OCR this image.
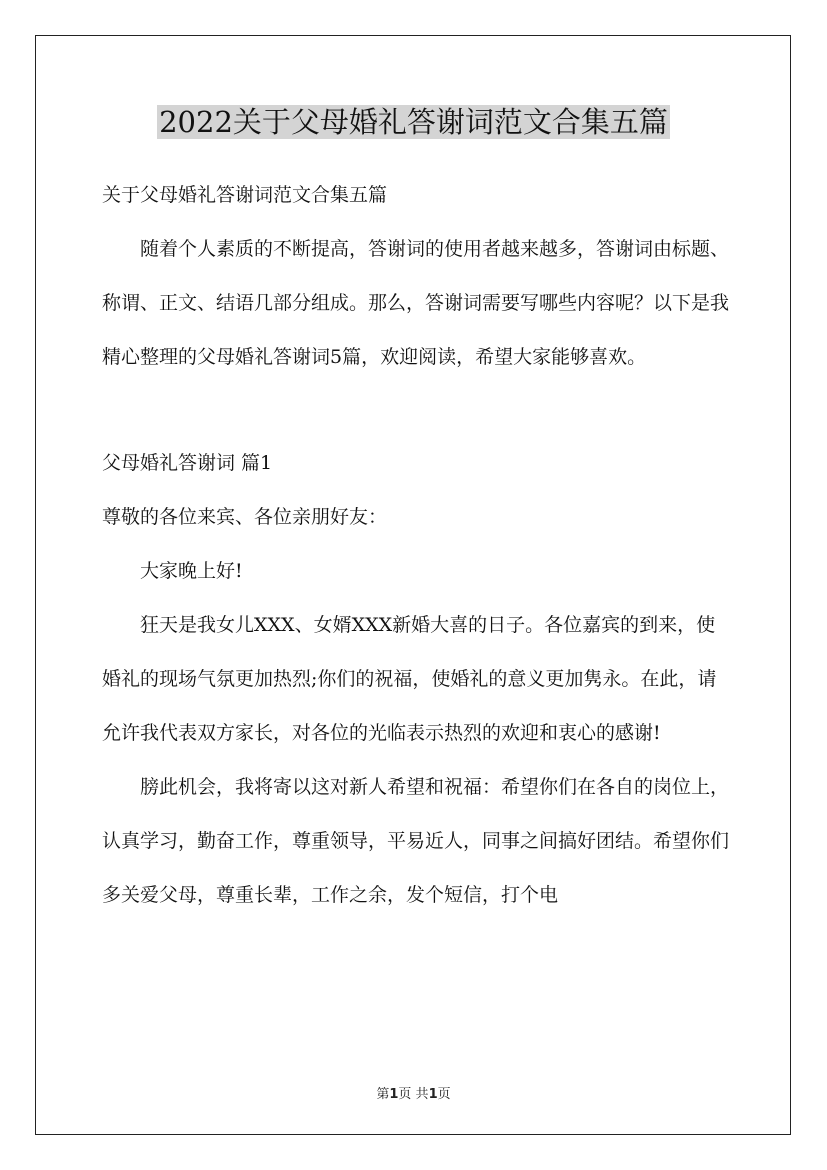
2022关于父母婚礼答谢词范文合集五篇

关于父母婚礼答谢词范文合集五篇

随着个人素质的不断提高，答谢词的使用者越来越多，答谢词由标题、称谓、正文、结语几部分组成。那么，答谢词需要写哪些内容呢？以下是我精心整理的父母婚礼答谢词5篇，欢迎阅读，希望大家能够喜欢。

父母婚礼答谢词 篇1

尊敬的各位来宾、各位亲朋好友：

大家晚上好!

狂天是我女儿XXX、女婿XXX新婚大喜的日子。各位嘉宾的到来，使婚礼的现场气氛更加热烈;你们的祝福，使婚礼的意义更加隽永。在此，请允许我代表双方家长，对各位的光临表示热烈的欢迎和衷心的感谢!

膀此机会，我将寄以这对新人希望和祝福：希望你们在各自的岗位上，认真学习，勤奋工作，尊重领导，平易近人，同事之间搞好团结。希望你们多关爱父母，尊重长辈，工作之余，发个短信，打个电

第1页 共1页
